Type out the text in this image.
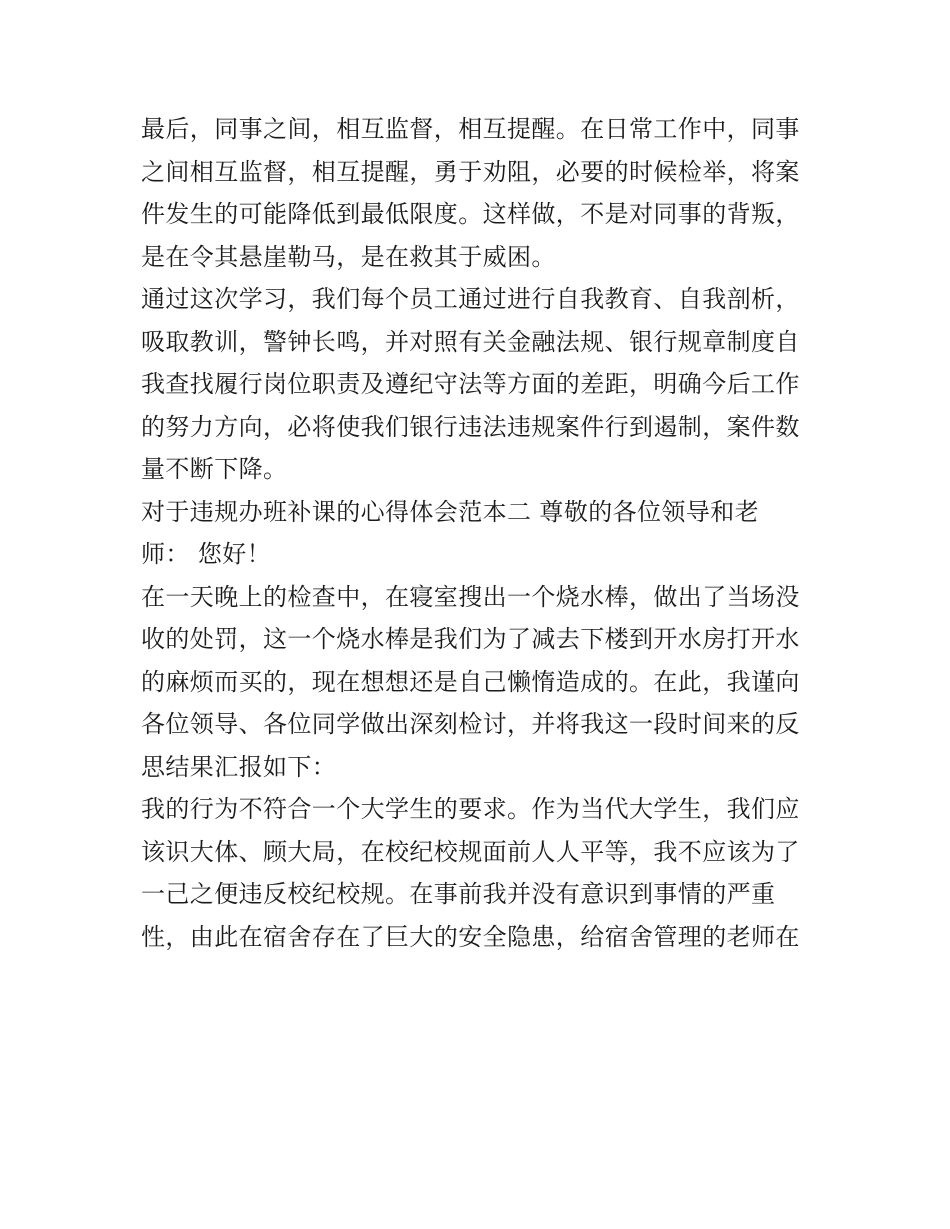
最后，同事之间，相互监督，相互提醒。在日常工作中，同事
之间相互监督，相互提醒，勇于劝阻，必要的时候检举，将案
件发生的可能降低到最低限度。这样做，不是对同事的背叛，
是在令其悬崖勒马，是在救其于威困。
通过这次学习，我们每个员工通过进行自我教育、自我剖析，
吸取教训，警钟长鸣，并对照有关金融法规、银行规章制度自
我查找履行岗位职责及遵纪守法等方面的差距，明确今后工作
的努力方向，必将使我们银行违法违规案件行到遏制，案件数
量不断下降。
对于违规办班补课的心得体会范本二 尊敬的各位领导和老
师： 您好！
在一天晚上的检查中，在寝室搜出一个烧水棒，做出了当场没
收的处罚，这一个烧水棒是我们为了减去下楼到开水房打开水
的麻烦而买的，现在想想还是自己懒惰造成的。在此，我谨向
各位领导、各位同学做出深刻检讨，并将我这一段时间来的反
思结果汇报如下：
我的行为不符合一个大学生的要求。作为当代大学生，我们应
该识大体、顾大局，在校纪校规面前人人平等，我不应该为了
一己之便违反校纪校规。在事前我并没有意识到事情的严重
性，由此在宿舍存在了巨大的安全隐患，给宿舍管理的老师在
